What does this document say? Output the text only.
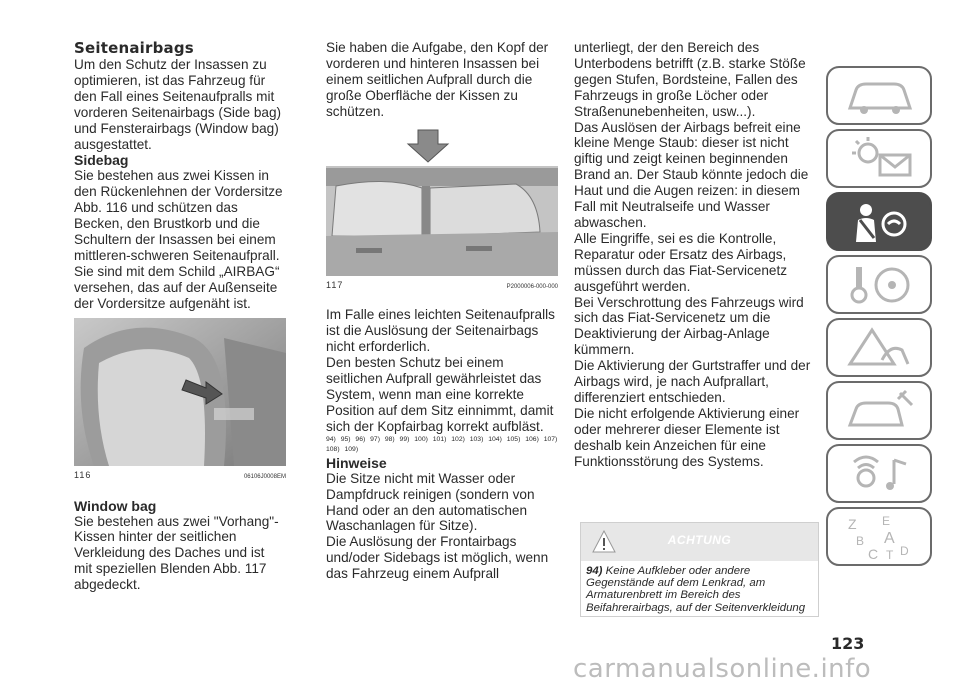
Seitenairbags

Um den Schutz der Insassen zu optimieren, ist das Fahrzeug für den Fall eines Seitenaufpralls mit vorderen Seitenairbags (Side bag) und Fensterairbags (Window bag) ausgestattet.

Sidebag

Sie bestehen aus zwei Kissen in den Rückenlehnen der Vordersitze Abb. 116 und schützen das Becken, den Brustkorb und die Schultern der Insassen bei einem mittleren-schweren Seitenaufprall.

Sie sind mit dem Schild „AIRBAG“ versehen, das auf der Außenseite der Vordersitze aufgenäht ist.

116	06106J0008EM

Window bag

Sie bestehen aus zwei "Vorhang"-Kissen hinter der seitlichen Verkleidung des Daches und ist mit speziellen Blenden Abb. 117 abgedeckt.

Sie haben die Aufgabe, den Kopf der vorderen und hinteren Insassen bei einem seitlichen Aufprall durch die große Oberfläche der Kissen zu schützen.

117	P2000006-000-000

Im Falle eines leichten Seitenaufpralls ist die Auslösung der Seitenairbags nicht erforderlich.

Den besten Schutz bei einem seitlichen Aufprall gewährleistet das System, wenn man eine korrekte Position auf dem Sitz einnimmt, damit sich der Kopfairbag korrekt aufbläst.

94) 95) 96) 97) 98) 99) 100) 101) 102) 103) 104) 105) 106) 107) 108) 109)

Hinweise

Die Sitze nicht mit Wasser oder Dampfdruck reinigen (sondern von Hand oder an den automatischen Waschanlagen für Sitze).

Die Auslösung der Frontairbags und/oder Sidebags ist möglich, wenn das Fahrzeug einem Aufprall

unterliegt, der den Bereich des Unterbodens betrifft (z.B. starke Stöße gegen Stufen, Bordsteine, Fallen des Fahrzeugs in große Löcher oder Straßenunebenheiten, usw...).

Das Auslösen der Airbags befreit eine kleine Menge Staub: dieser ist nicht giftig und zeigt keinen beginnenden Brand an. Der Staub könnte jedoch die Haut und die Augen reizen: in diesem Fall mit Neutralseife und Wasser abwaschen.

Alle Eingriffe, sei es die Kontrolle, Reparatur oder Ersatz des Airbags, müssen durch das Fiat-Servicenetz ausgeführt werden.

Bei Verschrottung des Fahrzeugs wird sich das Fiat-Servicenetz um die Deaktivierung der Airbag-Anlage kümmern.

Die Aktivierung der Gurtstraffer und der Airbags wird, je nach Aufprallart, differenziert entschieden.

Die nicht erfolgende Aktivierung einer oder mehrerer dieser Elemente ist deshalb kein Anzeichen für eine Funktionsstörung des Systems.

ACHTUNG
94) Keine Aufkleber oder andere Gegenstände auf dem Lenkrad, am Armaturenbrett im Bereich des Beifahrerairbags, auf der Seitenverkleidung
123
carmanualsonline.info
Z E
B A
C T D
